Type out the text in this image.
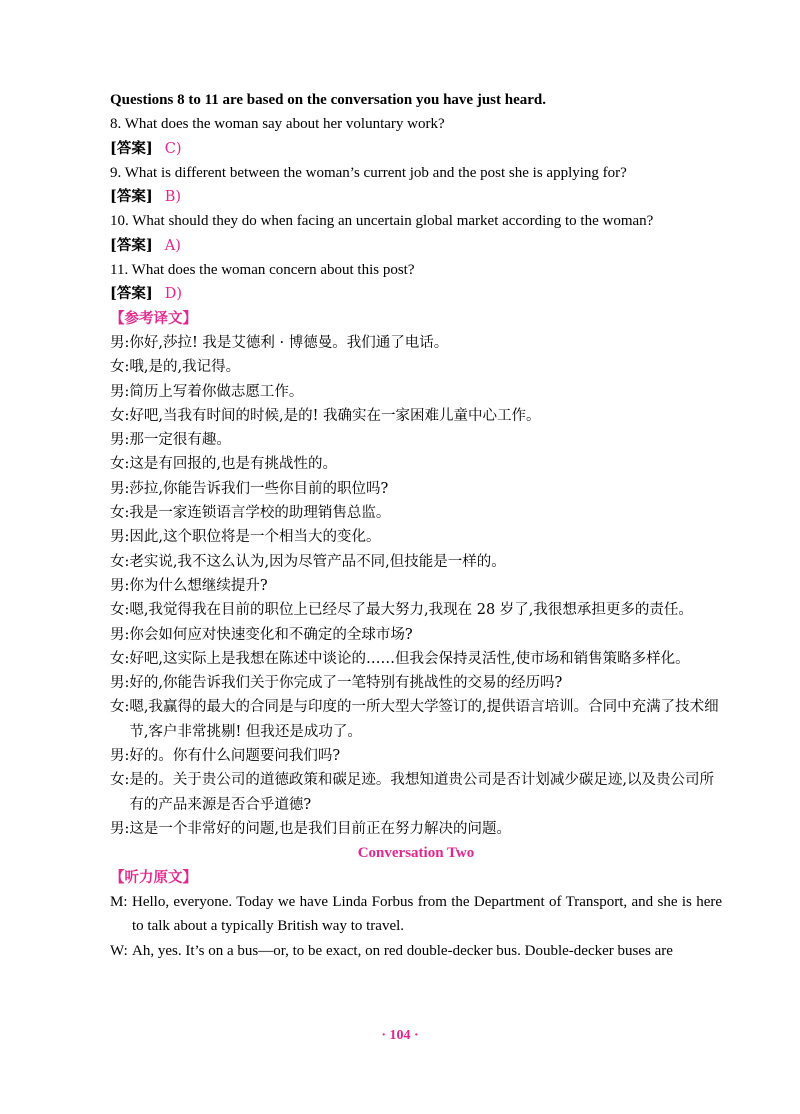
Questions 8 to 11 are based on the conversation you have just heard.
8. What does the woman say about her voluntary work?
[答案] C)
9. What is different between the woman’s current job and the post she is applying for?
[答案] B)
10. What should they do when facing an uncertain global market according to the woman?
[答案] A)
11. What does the woman concern about this post?
[答案] D)
【参考译文】
男: 你好,莎拉! 我是艾德利 · 博德曼。我们通了电话。
女: 哦,是的,我记得。
男: 简历上写着你做志愿工作。
女: 好吧,当我有时间的时候,是的! 我确实在一家困难儿童中心工作。
男: 那一定很有趣。
女: 这是有回报的,也是有挑战性的。
男: 莎拉,你能告诉我们一些你目前的职位吗?
女: 我是一家连锁语言学校的助理销售总监。
男: 因此,这个职位将是一个相当大的变化。
女: 老实说,我不这么认为,因为尽管产品不同,但技能是一样的。
男: 你为什么想继续提升?
女: 嗯,我觉得我在目前的职位上已经尽了最大努力,我现在 28 岁了,我很想承担更多的责任。
男: 你会如何应对快速变化和不确定的全球市场?
女: 好吧,这实际上是我想在陈述中谈论的……但我会保持灵活性,使市场和销售策略多样化。
男: 好的,你能告诉我们关于你完成了一笔特别有挑战性的交易的经历吗?
女: 嗯,我赢得的最大的合同是与印度的一所大型大学签订的,提供语言培训。合同中充满了技术细节,客户非常挑剔! 但我还是成功了。
男: 好的。你有什么问题要问我们吗?
女: 是的。关于贵公司的道德政策和碳足迹。我想知道贵公司是否计划减少碳足迹,以及贵公司所有的产品来源是否合乎道德?
男: 这是一个非常好的问题,也是我们目前正在努力解决的问题。
Conversation Two
【听力原文】
M: Hello, everyone. Today we have Linda Forbus from the Department of Transport, and she is here to talk about a typically British way to travel.
W: Ah, yes. It’s on a bus—or, to be exact, on red double-decker bus. Double-decker buses are
· 104 ·
